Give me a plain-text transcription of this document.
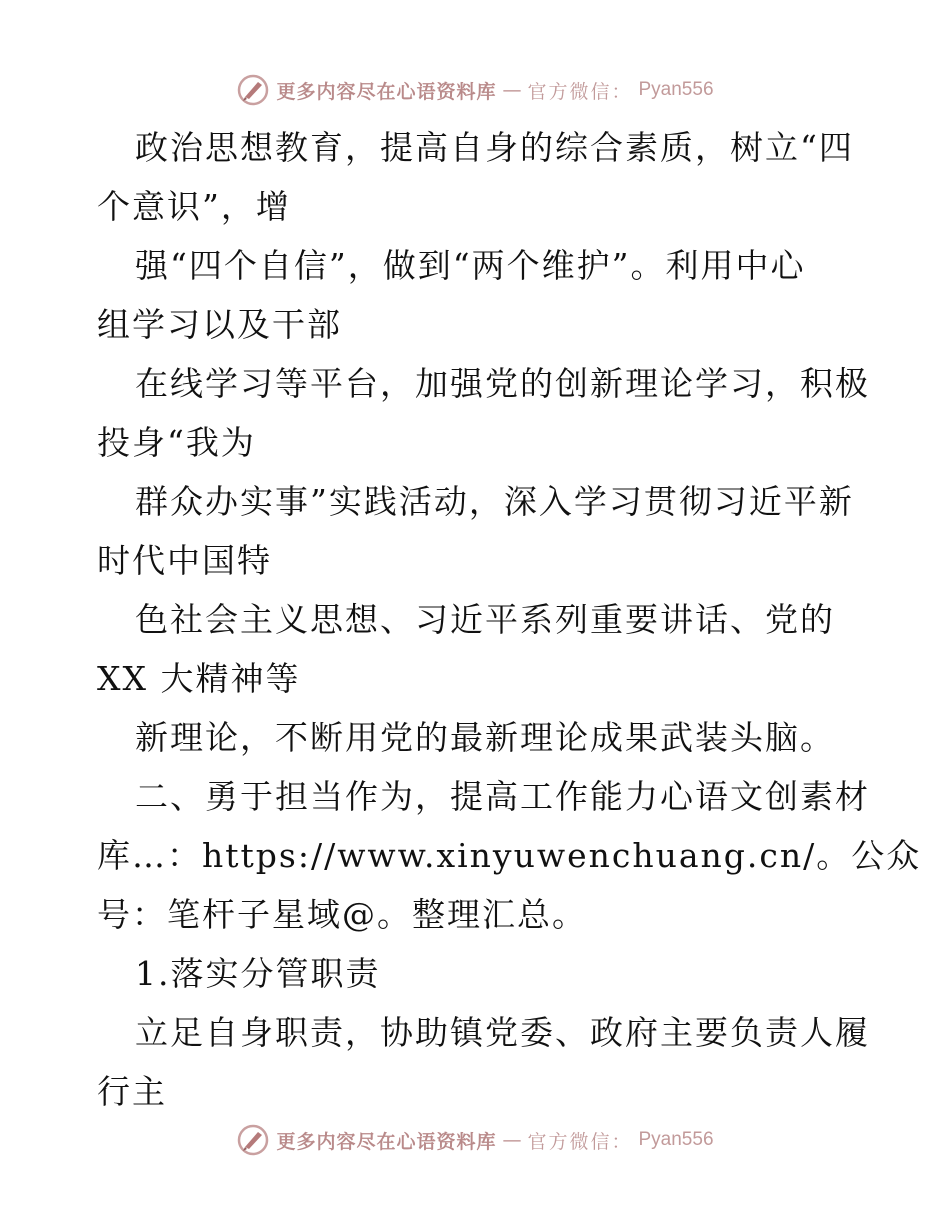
更多内容尽在心语资料库 — 官方微信： Pyan556
政治思想教育，提高自身的综合素质，树立“四
个意识”，增
强“四个自信”，做到“两个维护”。利用中心
组学习以及干部
在线学习等平台，加强党的创新理论学习，积极
投身“我为
群众办实事”实践活动，深入学习贯彻习近平新
时代中国特
色社会主义思想、习近平系列重要讲话、党的
XX 大精神等
新理论，不断用党的最新理论成果武装头脑。
二、勇于担当作为，提高工作能力心语文创素材
库…：https://www.xinyuwenchuang.cn/。公众
号：笔杆子星域@。整理汇总。
1.落实分管职责
立足自身职责，协助镇党委、政府主要负责人履
行主
更多内容尽在心语资料库 — 官方微信： Pyan556
